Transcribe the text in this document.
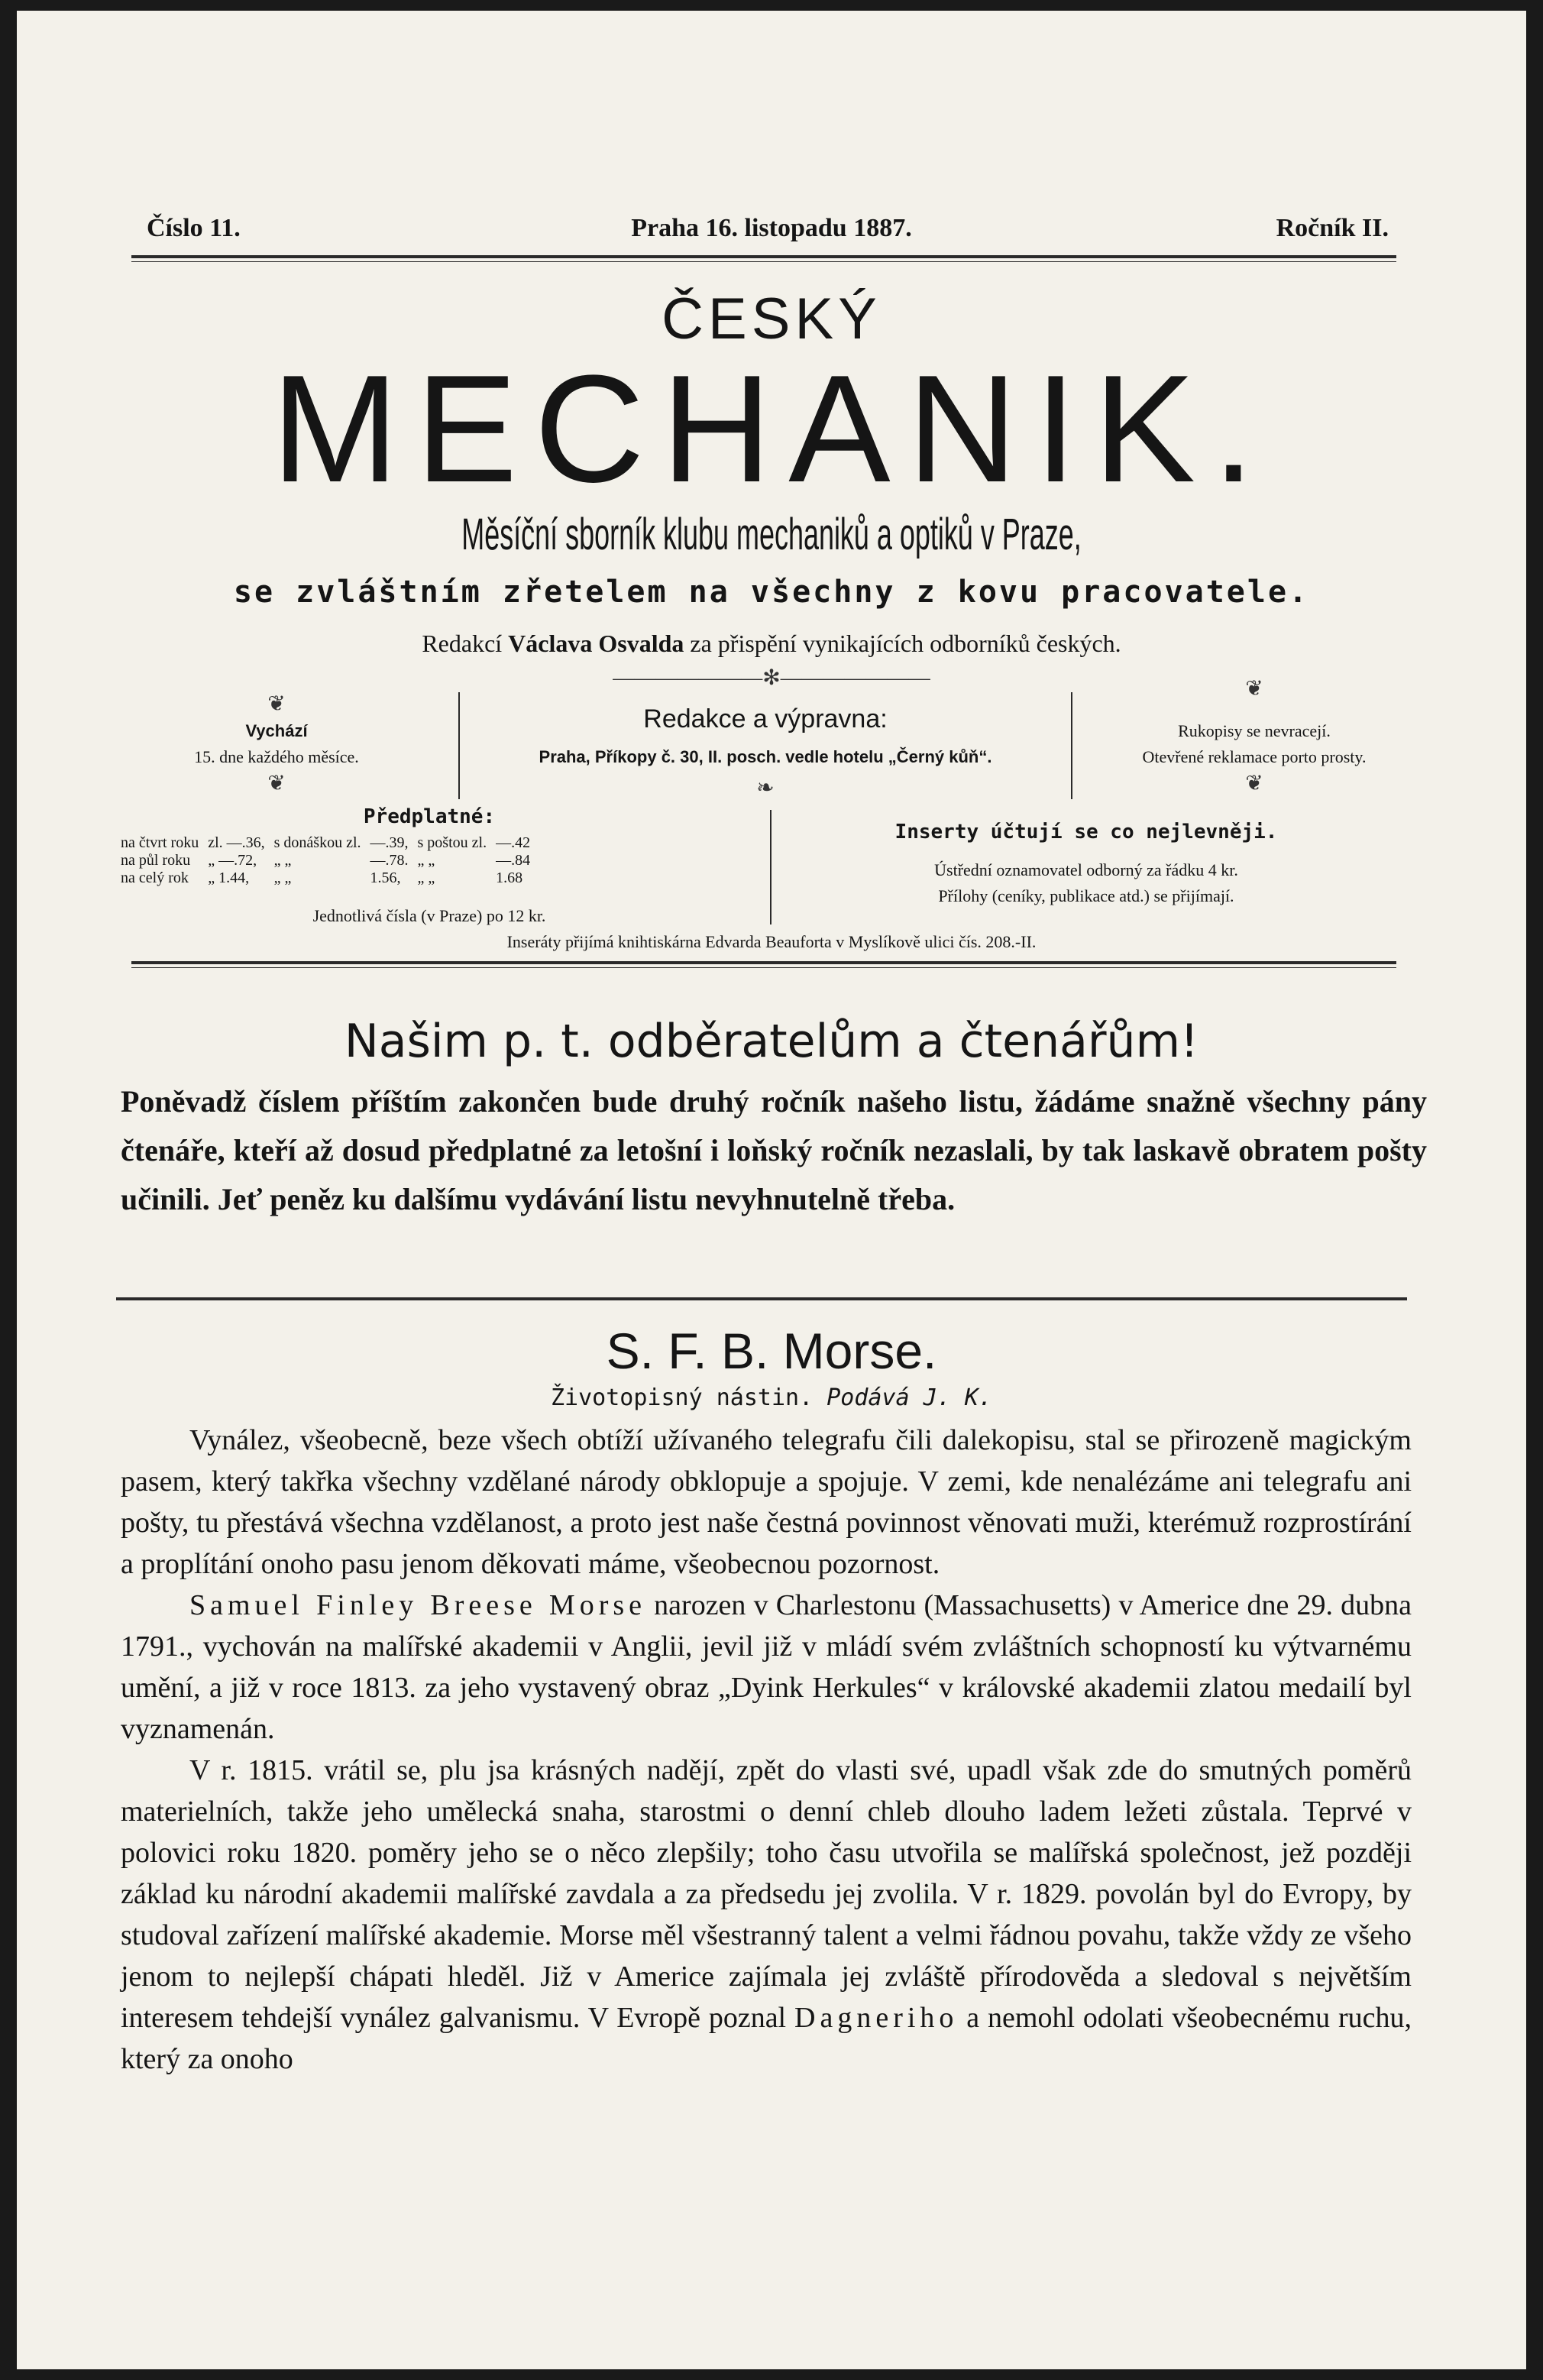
Číslo 11.	Praha 16. listopadu 1887.	Ročník II.
ČESKÝ
MECHANIK.
Měsíční sborník klubu mechaniků a optiků v Praze,
se zvláštním zřetelem na všechny z kovu pracovatele.
Redakcí Václava Osvalda za přispění vynikajících odborníků českých.
———————✻———————
❦
Vychází
15. dne každého měsíce.
❦
Redakce a výpravna:
Praha, Příkopy č. 30, II. posch. vedle hotelu „Černý kůň“.
❧
❦
Rukopisy se nevracejí.
Otevřené reklamace porto prosty.
❦
Předplatné:
na čtvrt roku	zl. —.36,	s donáškou zl.	—.39,	s poštou zl.	—.42
na půl roku	„ —.72,	„ „	—.78.	„ „	—.84
na celý rok	„ 1.44,	„ „	1.56,	„ „	1.68
Jednotlivá čísla (v Praze) po 12 kr.
Inserty účtují se co nejlevněji.
Ústřední oznamovatel odborný za řádku 4 kr.
Přílohy (ceníky, publikace atd.) se přijímají.
Inseráty přijímá knihtiskárna Edvarda Beauforta v Myslíkově ulici čís. 208.-II.
Našim p. t. odběratelům a čtenářům!
Poněvadž číslem příštím zakončen bude druhý ročník našeho listu, žádáme snažně všechny pány čtenáře, kteří až dosud předplatné za letošní i loňský ročník nezaslali, by tak laskavě obratem pošty učinili. Jeť peněz ku dalšímu vydávání listu nevyhnutelně třeba.
S. F. B. Morse.
Životopisný nástin. Podává J. K.

Vynález, všeobecně, beze všech obtíží užívaného telegrafu čili dalekopisu, stal se přirozeně magickým pasem, který takřka všechny vzdělané národy obklopuje a spojuje. V zemi, kde nenalézáme ani telegrafu ani pošty, tu přestává všechna vzdělanost, a proto jest naše čestná povinnost věnovati muži, kterémuž rozprostírání a proplítání onoho pasu jenom děkovati máme, všeobecnou pozornost.

Samuel Finley Breese Morse narozen v Charlestonu (Massachusetts) v Americe dne 29. dubna 1791., vychován na malířské akademii v Anglii, jevil již v mládí svém zvláštních schopností ku výtvarnému umění, a již v roce 1813. za jeho vystavený obraz „Dyink Herkules“ v královské akademii zlatou medailí byl vyznamenán.

V r. 1815. vrátil se, plu jsa krásných nadějí, zpět do vlasti své, upadl však zde do smutných poměrů materielních, takže jeho umělecká snaha, starostmi o denní chleb dlouho ladem ležeti zůstala. Teprvé v polovici roku 1820. poměry jeho se o něco zlepšily; toho času utvořila se malířská společnost, jež později základ ku národní akademii malířské zavdala a za předsedu jej zvolila. V r. 1829. povolán byl do Evropy, by studoval zařízení malířské akademie. Morse měl všestranný talent a velmi řádnou povahu, takže vždy ze všeho jenom to nejlepší chápati hleděl. Již v Americe zajímala jej zvláště přírodověda a sledoval s největším interesem tehdejší vynález galvanismu. V Evropě poznal Dagneriho a nemohl odolati všeobecnému ruchu, který za onoho
